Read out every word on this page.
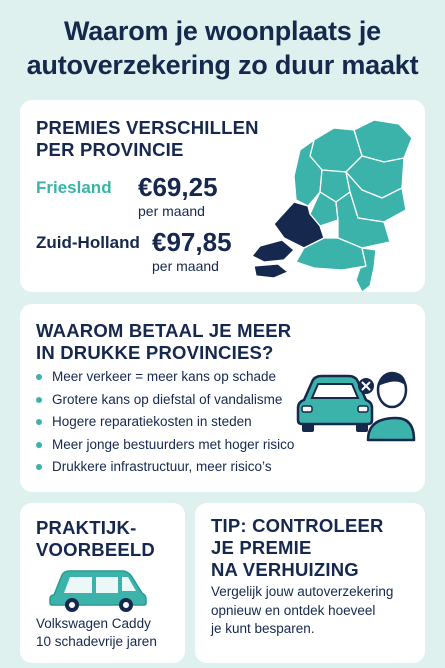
Waarom je woonplaats je
autoverzekering zo duur maakt
PREMIES VERSCHILLEN
PER PROVINCIE
Friesland €69,25
per maand
Zuid-Holland €97,85
per maand
WAAROM BETAAL JE MEER
IN DRUKKE PROVINCIES?
Meer verkeer = meer kans op schade
Grotere kans op diefstal of vandalisme
Hogere reparatiekosten in steden
Meer jonge bestuurders met hoger risico
Drukkere infrastructuur, meer risico’s
PRAKTIJK-
VOORBEELD
Volkswagen Caddy
10 schadevrije jaren
TIP: CONTROLEER
JE PREMIE
NA VERHUIZING
Vergelijk jouw autoverzekering
opnieuw en ontdek hoeveel
je kunt besparen.
